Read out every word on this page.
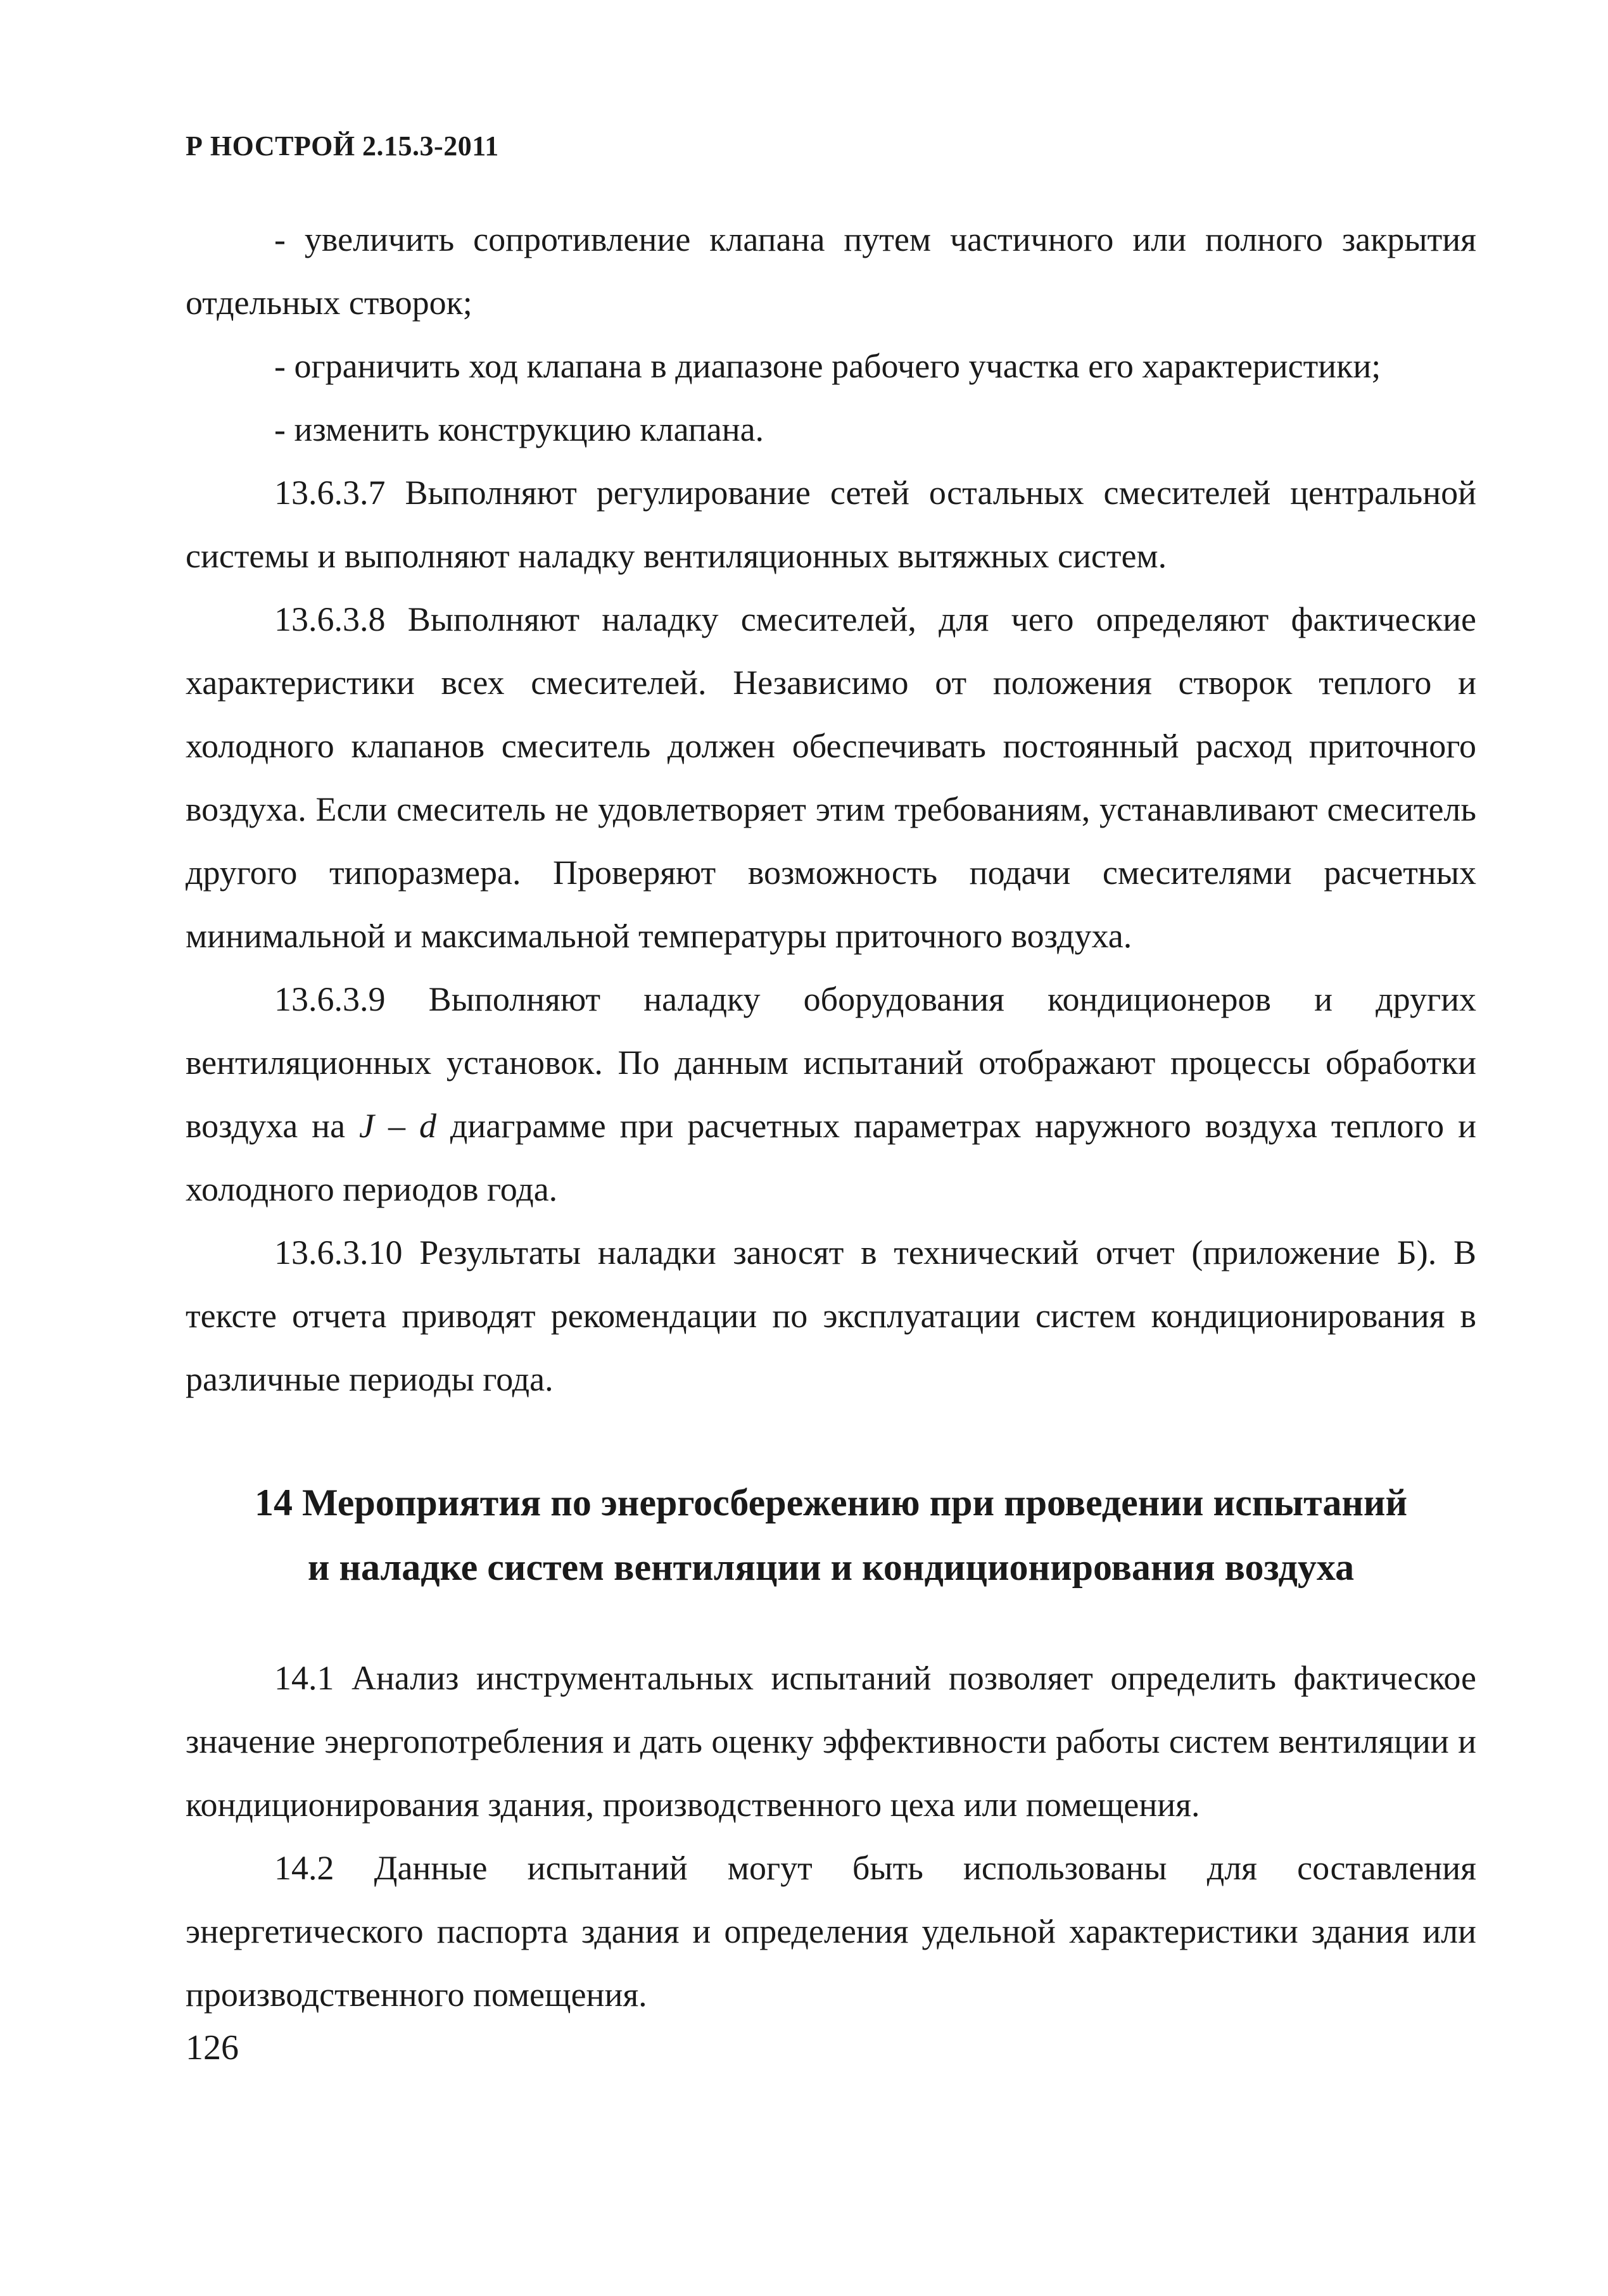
Р НОСТРОЙ 2.15.3-2011

- увеличить сопротивление клапана путем частичного или полного закрытия отдельных створок;

- ограничить ход клапана в диапазоне рабочего участка его характеристики;

- изменить конструкцию клапана.

13.6.3.7 Выполняют регулирование сетей остальных смесителей центральной системы и выполняют наладку вентиляционных вытяжных систем.

13.6.3.8 Выполняют наладку смесителей, для чего определяют фактические характеристики всех смесителей. Независимо от положения створок теплого и холодного клапанов смеситель должен обеспечивать постоянный расход приточного воздуха. Если смеситель не удовлетворяет этим требованиям, устанавливают смеситель другого типоразмера. Проверяют возможность подачи смесителями расчетных минимальной и максимальной температуры приточного воздуха.

13.6.3.9 Выполняют наладку оборудования кондиционеров и других вентиляционных установок. По данным испытаний отображают процессы обработки воздуха на J – d диаграмме при расчетных параметрах наружного воздуха теплого и холодного периодов года.

13.6.3.10 Результаты наладки заносят в технический отчет (приложение Б). В тексте отчета приводят рекомендации по эксплуатации систем кондиционирования в различные периоды года.

14 Мероприятия по энергосбережению при проведении испытаний
и наладке систем вентиляции и кондиционирования воздуха

14.1 Анализ инструментальных испытаний позволяет определить фактическое значение энергопотребления и дать оценку эффективности работы систем вентиляции и кондиционирования здания, производственного цеха или помещения.

14.2 Данные испытаний могут быть использованы для составления энергетического паспорта здания и определения удельной характеристики здания или производственного помещения.

126
